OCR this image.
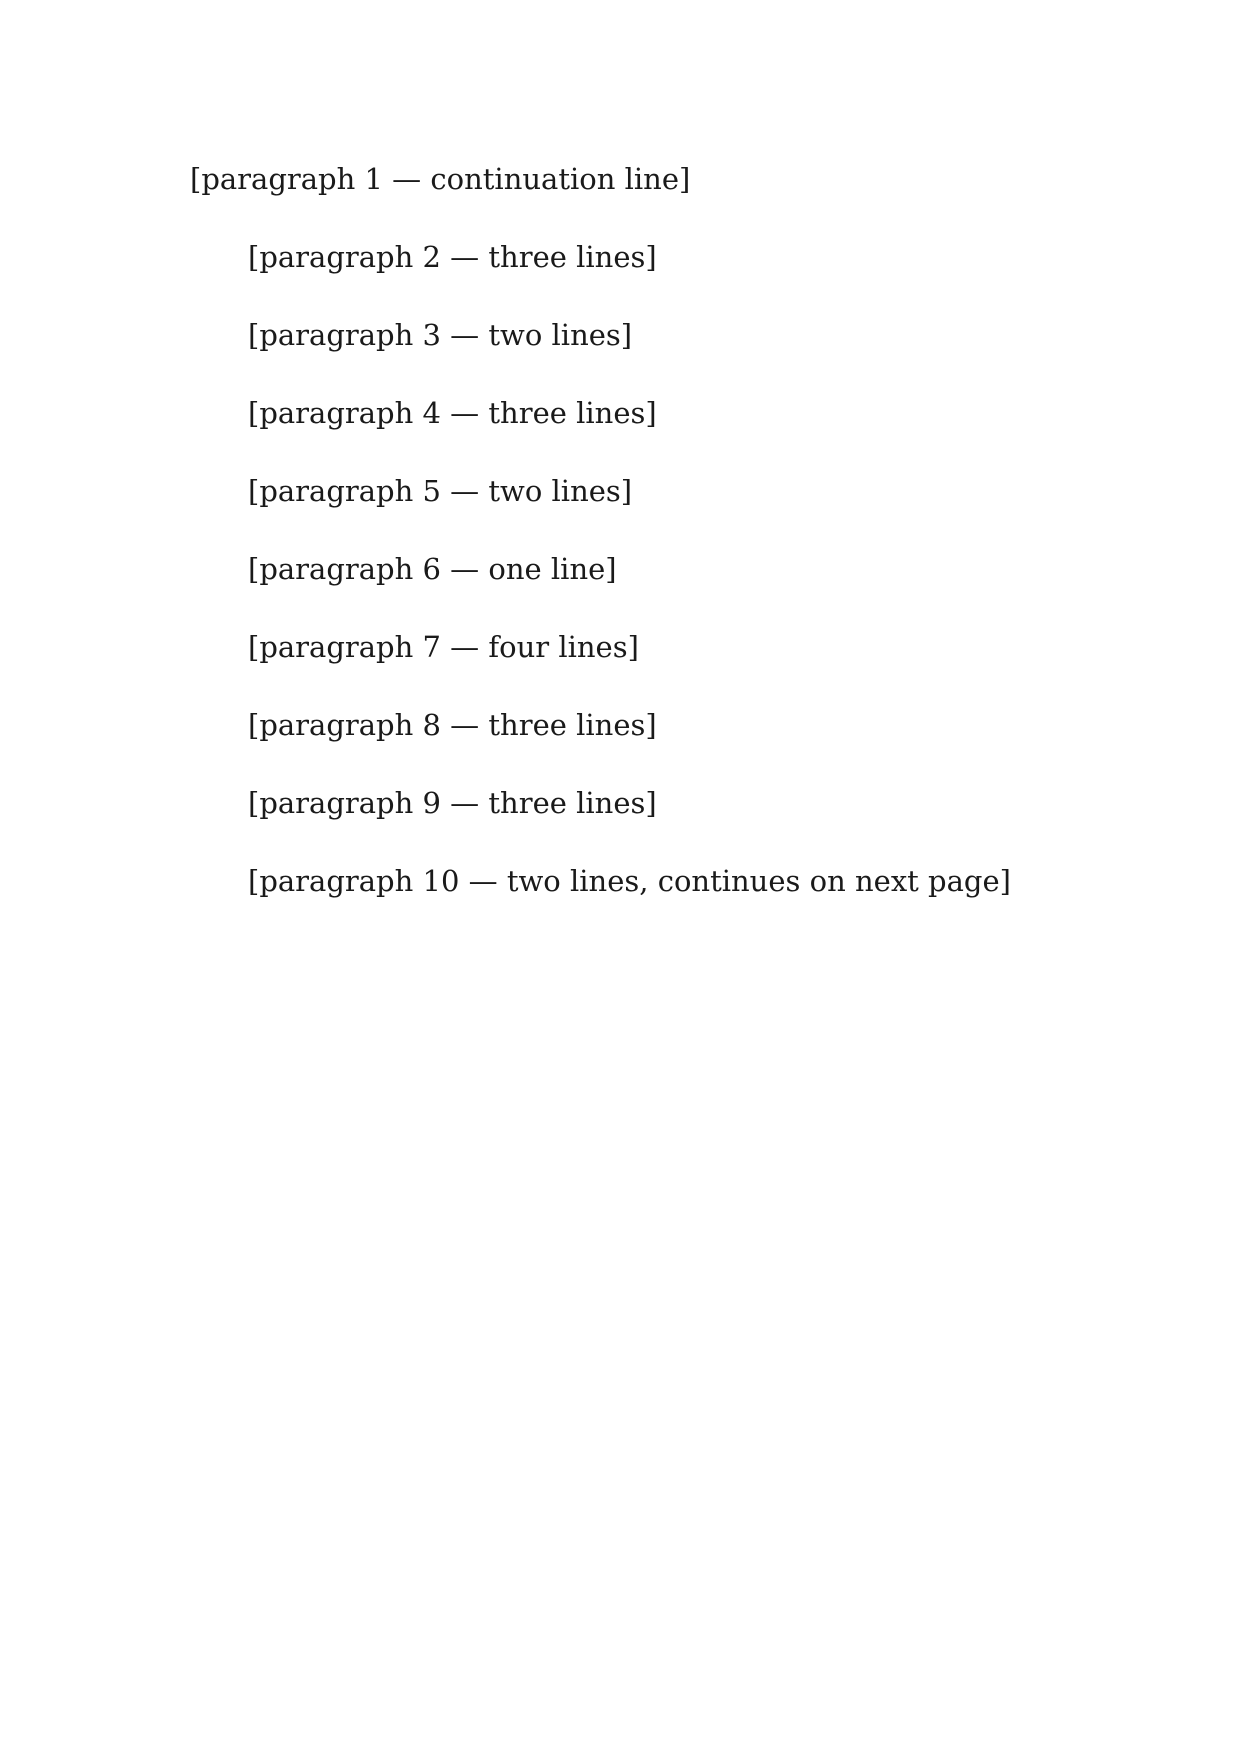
[paragraph 1 — continuation line]

[paragraph 2 — three lines]

[paragraph 3 — two lines]

[paragraph 4 — three lines]

[paragraph 5 — two lines]

[paragraph 6 — one line]

[paragraph 7 — four lines]

[paragraph 8 — three lines]

[paragraph 9 — three lines]

[paragraph 10 — two lines, continues on next page]
